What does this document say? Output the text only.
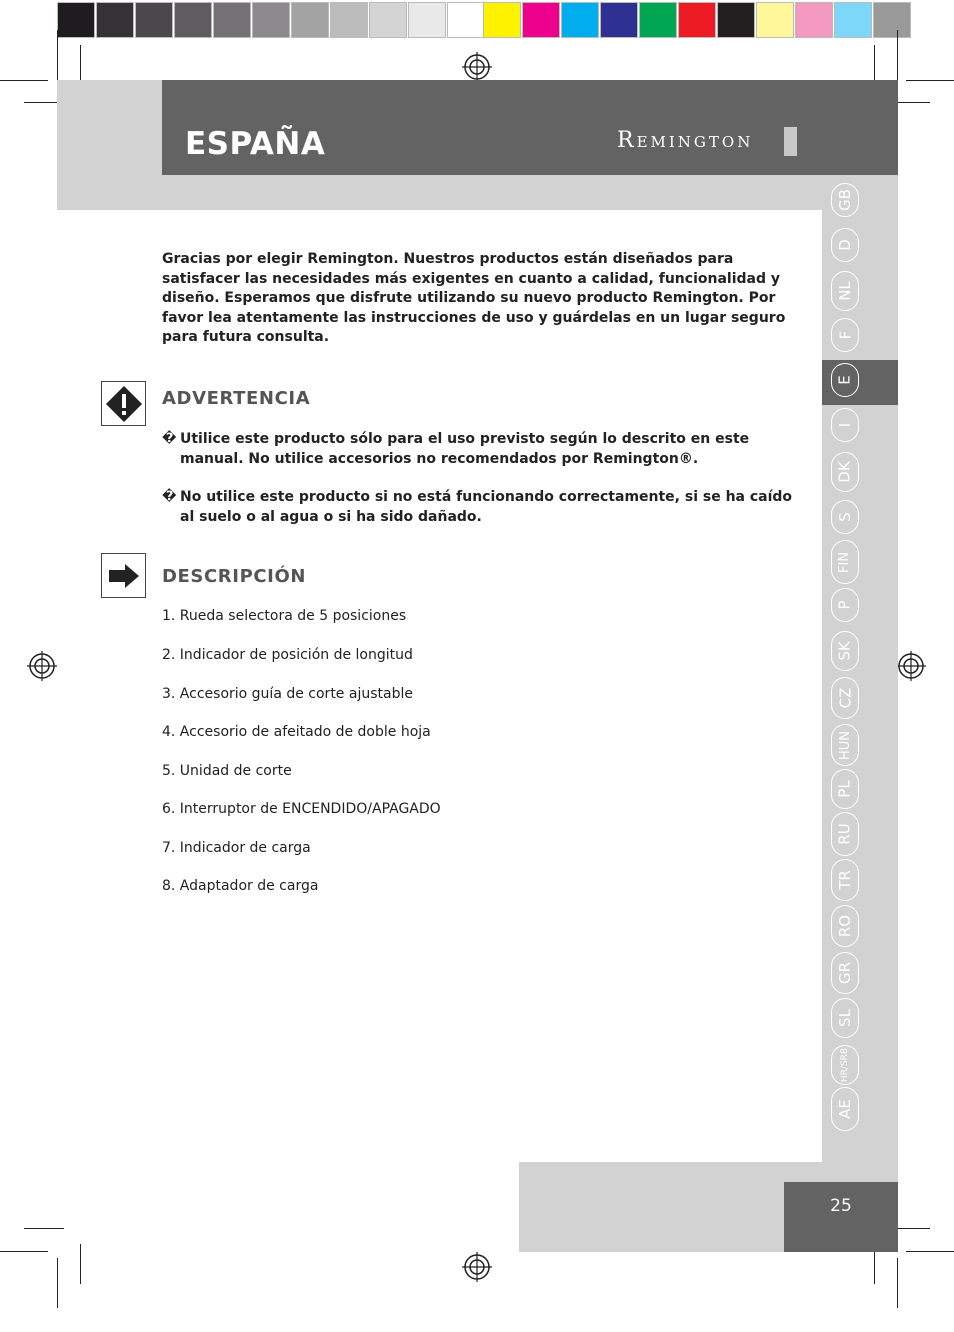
ESPAÑA	Remington
GB
D
NL
F
E
I
DK
S
FIN
P
SK
CZ
HUN
PL
RU
TR
RO
GR
SL
HR/SRB
AE
Gracias por elegir Remington. Nuestros productos están diseñados para satisfacer las necesidades más exigentes en cuanto a calidad, funcionalidad y diseño. Esperamos que disfrute utilizando su nuevo producto Remington. Por favor lea atentamente las instrucciones de uso y guárdelas en un lugar seguro para futura consulta.
ADVERTENCIA
� Utilice este producto sólo para el uso previsto según lo descrito en este manual. No utilice accesorios no recomendados por Remington®.
� No utilice este producto si no está funcionando correctamente, si se ha caído al suelo o al agua o si ha sido dañado.
DESCRIPCIÓN
1. Rueda selectora de 5 posiciones
2. Indicador de posición de longitud
3. Accesorio guía de corte ajustable
4. Accesorio de afeitado de doble hoja
5. Unidad de corte
6. Interruptor de ENCENDIDO/APAGADO
7. Indicador de carga
8. Adaptador de carga
25
